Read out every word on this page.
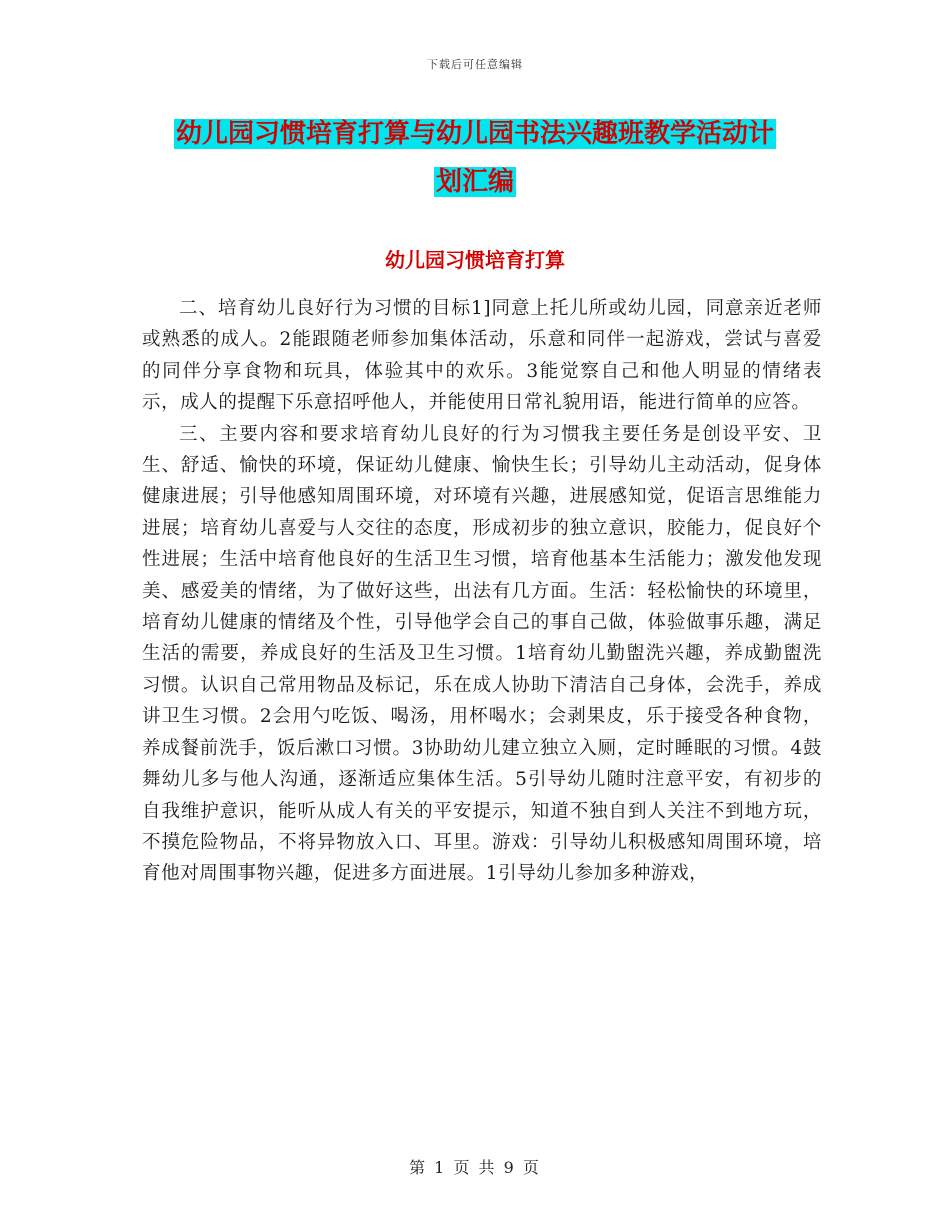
下载后可任意编辑
幼儿园习惯培育打算与幼儿园书法兴趣班教学活动计
划汇编
幼儿园习惯培育打算

二、培育幼儿良好行为习惯的目标1]同意上托儿所或幼儿园，同意亲近老师或熟悉的成人。2能跟随老师参加集体活动，乐意和同伴一起游戏，尝试与喜爱的同伴分享食物和玩具，体验其中的欢乐。3能觉察自己和他人明显的情绪表示，成人的提醒下乐意招呼他人，并能使用日常礼貌用语，能进行简单的应答。

三、主要内容和要求培育幼儿良好的行为习惯我主要任务是创设平安、卫生、舒适、愉快的环境，保证幼儿健康、愉快生长；引导幼儿主动活动，促身体健康进展；引导他感知周围环境，对环境有兴趣，进展感知觉，促语言思维能力进展；培育幼儿喜爱与人交往的态度，形成初步的独立意识，胶能力，促良好个性进展；生活中培育他良好的生活卫生习惯，培育他基本生活能力；激发他发现美、感爱美的情绪，为了做好这些，出法有几方面。生活：轻松愉快的环境里，培育幼儿健康的情绪及个性，引导他学会自己的事自己做，体验做事乐趣，满足生活的需要，养成良好的生活及卫生习惯。1培育幼儿勤盥洗兴趣，养成勤盥洗习惯。认识自己常用物品及标记，乐在成人协助下清洁自己身体，会洗手，养成讲卫生习惯。2会用勺吃饭、喝汤，用杯喝水；会剥果皮，乐于接受各种食物，养成餐前洗手，饭后漱口习惯。3协助幼儿建立独立入厕，定时睡眠的习惯。4鼓舞幼儿多与他人沟通，逐渐适应集体生活。5引导幼儿随时注意平安，有初步的自我维护意识，能听从成人有关的平安提示，知道不独自到人关注不到地方玩，不摸危险物品，不将异物放入口、耳里。游戏：引导幼儿积极感知周围环境，培育他对周围事物兴趣，促进多方面进展。1引导幼儿参加多种游戏，

第 1 页 共 9 页
